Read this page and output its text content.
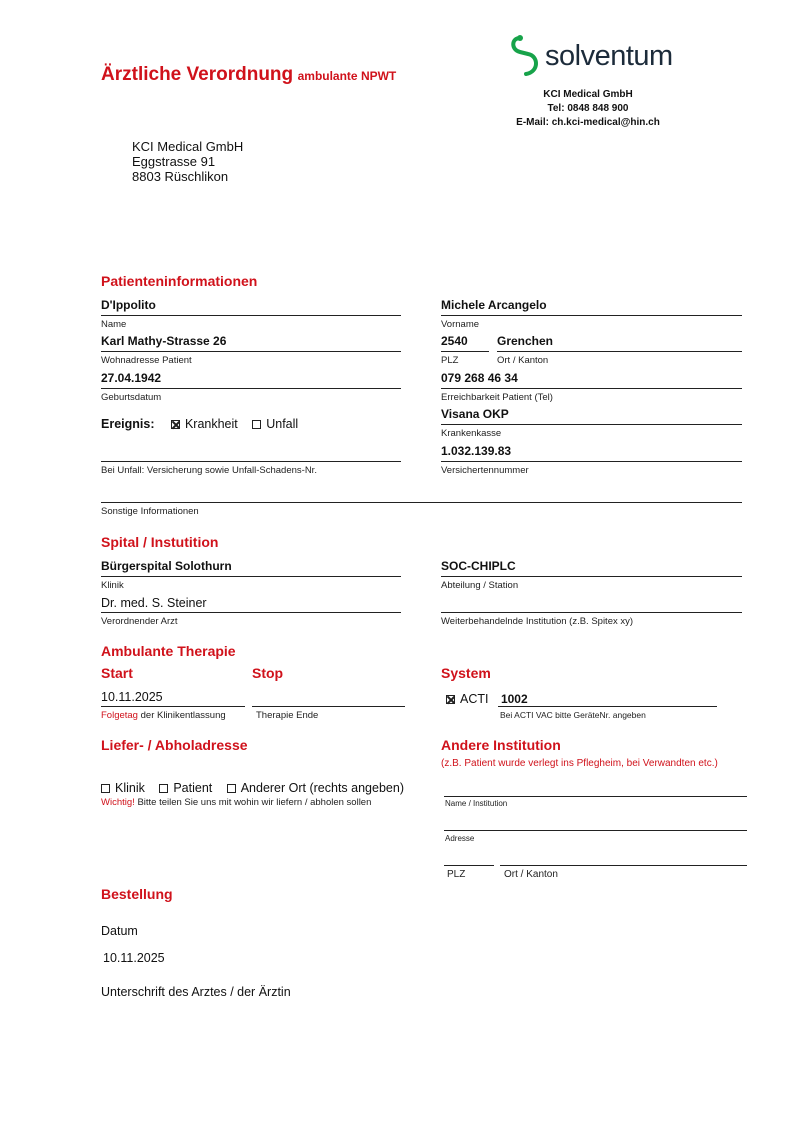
Ärztliche Verordnung ambulante NPWT
solventum
KCI Medical GmbH
Tel: 0848 848 900
E-Mail: ch.kci-medical@hin.ch
KCI Medical GmbH
Eggstrasse 91
8803 Rüschlikon
Patienteninformationen
D'Ippolito
Name
Michele Arcangelo
Vorname
Karl Mathy-Strasse 26
Wohnadresse Patient
2540
PLZ
Grenchen
Ort / Kanton
27.04.1942
Geburtsdatum
079 268 46 34
Erreichbarkeit Patient (Tel)
Ereignis: Krankheit Unfall
Visana OKP
Krankenkasse
Bei Unfall: Versicherung sowie Unfall-Schadens-Nr.
1.032.139.83
Versichertennummer
Sonstige Informationen
Spital / Instutition
Bürgerspital Solothurn
Klinik
SOC-CHIPLC
Abteilung / Station
Dr. med. S. Steiner
Verordnender Arzt	Weiterbehandelnde Institution (z.B. Spitex xy)
Ambulante Therapie
Start	Stop	System
10.11.2025
Folgetag der Klinikentlassung	Therapie Ende
ACTI 1002
Bei ACTI VAC bitte GeräteNr. angeben
Liefer- / Abholadresse
Klinik Patient Anderer Ort (rechts angeben)
Wichtig! Bitte teilen Sie uns mit wohin wir liefern / abholen sollen
Andere Institution
(z.B. Patient wurde verlegt ins Pflegheim, bei Verwandten etc.)
Name / Institution
Adresse
PLZ	Ort / Kanton
Bestellung
Datum
10.11.2025
Unterschrift des Arztes / der Ärztin
